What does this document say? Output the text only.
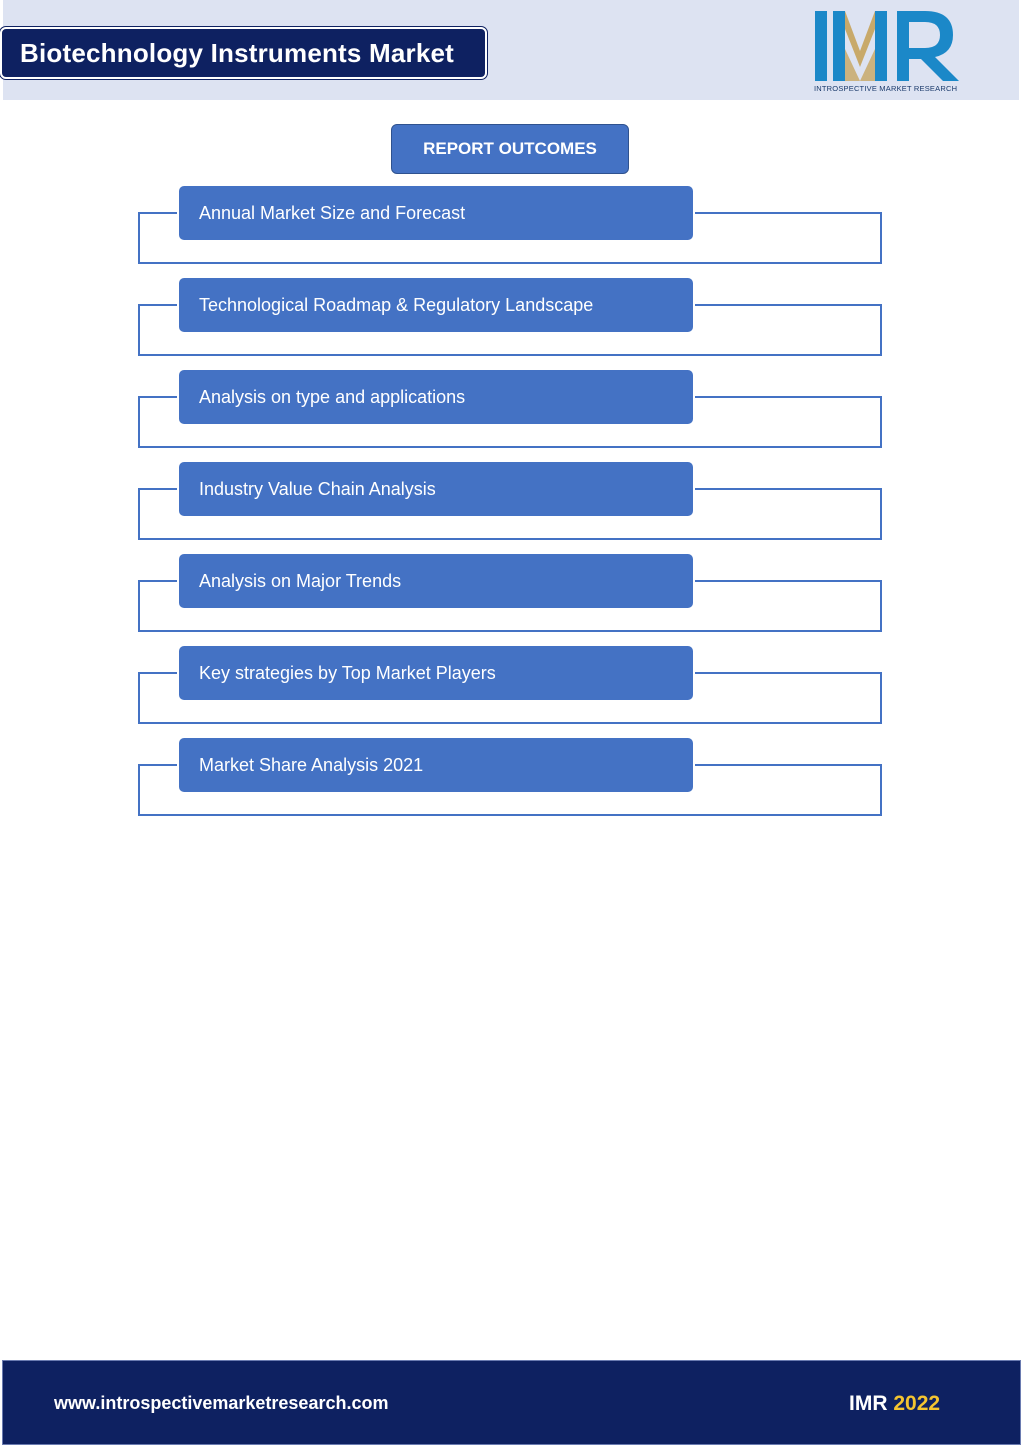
Biotechnology Instruments Market
INTROSPECTIVE MARKET RESEARCH
REPORT OUTCOMES
Annual Market Size and Forecast
Technological Roadmap & Regulatory Landscape
Analysis on type and applications
Industry Value Chain Analysis
Analysis on Major Trends
Key strategies by Top Market Players
Market Share Analysis 2021
www.introspectivemarketresearch.com	IMR 2022
